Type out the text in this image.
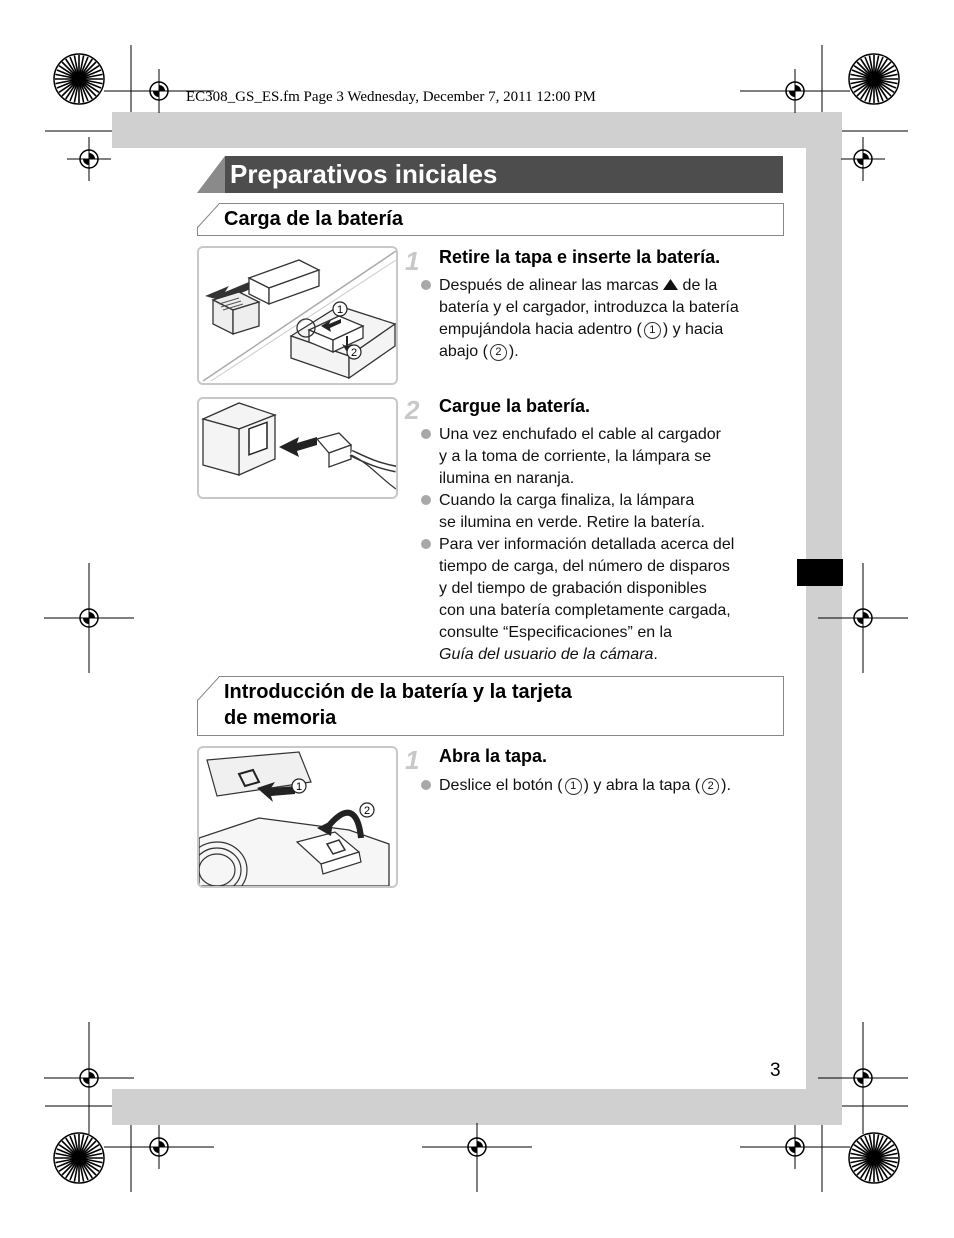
EC308_GS_ES.fm Page 3 Wednesday, December 7, 2011 12:00 PM
Preparativos iniciales
Carga de la batería
1
2
1 Retire la tapa e inserte la batería.
Después de alinear las marcas  de la
batería y el cargador, introduzca la batería
empujándola hacia adentro ( 1 ) y hacia
abajo ( 2 ).
2 Cargue la batería.
Una vez enchufado el cable al cargador
y a la toma de corriente, la lámpara se
ilumina en naranja.
Cuando la carga finaliza, la lámpara
se ilumina en verde. Retire la batería.
Para ver información detallada acerca del
tiempo de carga, del número de disparos
y del tiempo de grabación disponibles
con una batería completamente cargada,
consulte “Especificaciones” en la
Guía del usuario de la cámara.
Introducción de la batería y la tarjeta
de memoria
1
2
1 Abra la tapa.
Deslice el botón ( 1 ) y abra la tapa ( 2 ).
3
